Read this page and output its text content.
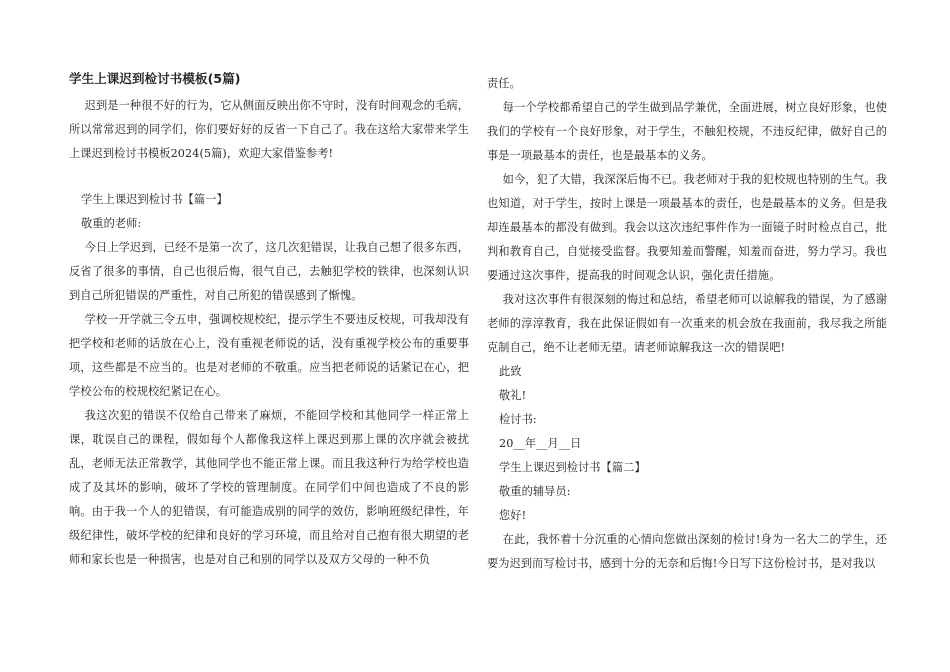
学生上课迟到检讨书模板(5篇)

迟到是一种很不好的行为，它从侧面反映出你不守时，没有时间观念的毛病，所以常常迟到的同学们，你们要好好的反省一下自己了。我在这给大家带来学生上课迟到检讨书模板2024(5篇)，欢迎大家借鉴参考!

学生上课迟到检讨书【篇一】

敬重的老师:

今日上学迟到，已经不是第一次了，这几次犯错误，让我自己想了很多东西，反省了很多的事情，自己也很后悔，很气自己，去触犯学校的铁律，也深刻认识到自己所犯错误的严重性，对自己所犯的错误感到了惭愧。

学校一开学就三令五申，强调校规校纪，提示学生不要违反校规，可我却没有把学校和老师的话放在心上，没有重视老师说的话，没有重视学校公布的重要事项，这些都是不应当的。也是对老师的不敬重。应当把老师说的话紧记在心，把学校公布的校规校纪紧记在心。

我这次犯的错误不仅给自己带来了麻烦，不能回学校和其他同学一样正常上课，耽误自己的课程，假如每个人都像我这样上课迟到那上课的次序就会被扰乱，老师无法正常教学，其他同学也不能正常上课。而且我这种行为给学校也造成了及其坏的影响，破坏了学校的管理制度。在同学们中间也造成了不良的影响。由于我一个人的犯错误，有可能造成别的同学的效仿，影响班级纪律性，年级纪律性，破坏学校的纪律和良好的学习环境，而且给对自己抱有很大期望的老师和家长也是一种损害，也是对自己和别的同学以及双方父母的一种不负

责任。

每一个学校都希望自己的学生做到品学兼优，全面进展，树立良好形象，也使我们的学校有一个良好形象，对于学生，不触犯校规，不违反纪律，做好自己的事是一项最基本的责任，也是最基本的义务。

如今，犯了大错，我深深后悔不已。我老师对于我的犯校规也特别的生气。我也知道，对于学生，按时上课是一项最基本的责任，也是最基本的义务。但是我却连最基本的都没有做到。我会以这次违纪事件作为一面镜子时时检点自己，批判和教育自己，自觉接受监督。我要知羞而警醒，知羞而奋进，努力学习。我也要通过这次事件，提高我的时间观念认识，强化责任措施。

我对这次事件有很深刻的悔过和总结，希望老师可以谅解我的错误，为了感谢老师的淳淳教育，我在此保证假如有一次重来的机会放在我面前，我尽我之所能克制自己，绝不让老师无望。请老师谅解我这一次的错误吧!

此致

敬礼!

检讨书:

20__年__月__日

学生上课迟到检讨书【篇二】

敬重的辅导员:

您好!

在此，我怀着十分沉重的心情向您做出深刻的检讨!身为一名大二的学生，还要为迟到而写检讨书，感到十分的无奈和后悔!今日写下这份检讨书，是对我以
